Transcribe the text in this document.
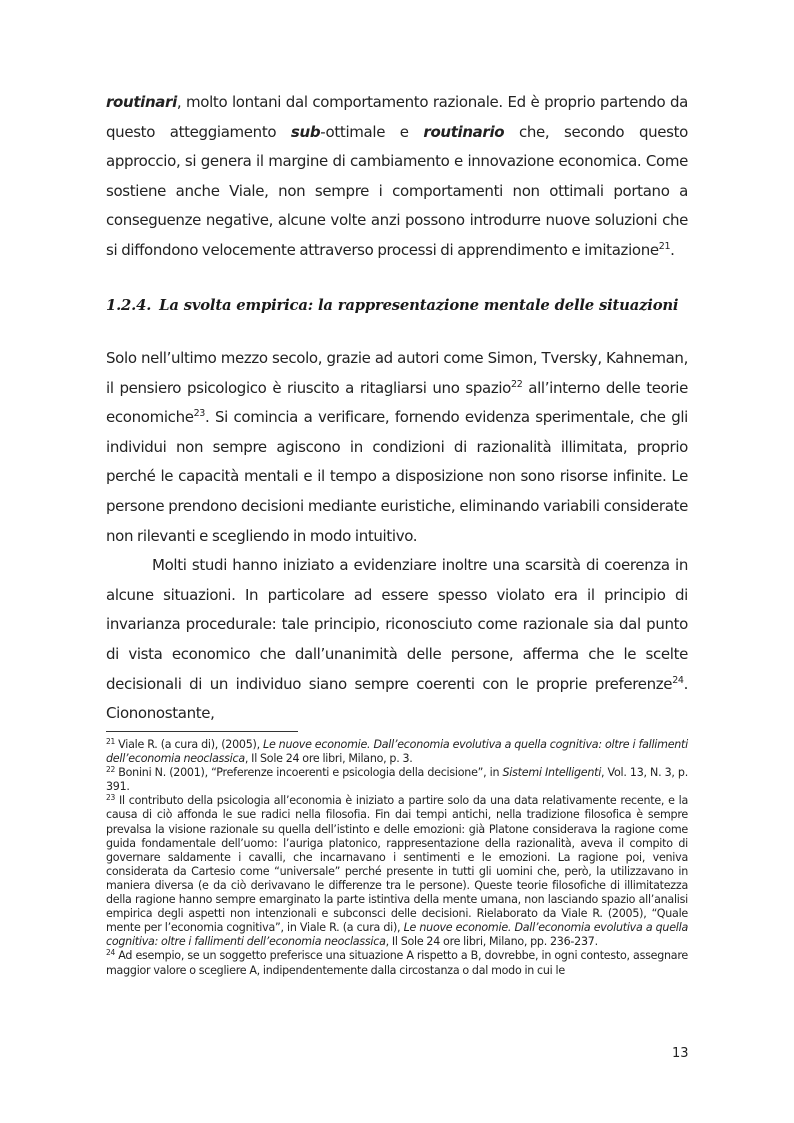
routinari, molto lontani dal comportamento razionale. Ed è proprio partendo da questo atteggiamento sub-ottimale e routinario che, secondo questo approccio, si genera il margine di cambiamento e innovazione economica. Come sostiene anche Viale, non sempre i comportamenti non ottimali portano a conseguenze negative, alcune volte anzi possono introdurre nuove soluzioni che si diffondono velocemente attraverso processi di apprendimento e imitazione$^{21}$.

1.2.4. La svolta empirica: la rappresentazione mentale delle situazioni

Solo nell’ultimo mezzo secolo, grazie ad autori come Simon, Tversky, Kahneman, il pensiero psicologico è riuscito a ritagliarsi uno spazio$^{22}$ all’interno delle teorie economiche$^{23}$. Si comincia a verificare, fornendo evidenza sperimentale, che gli individui non sempre agiscono in condizioni di razionalità illimitata, proprio perché le capacità mentali e il tempo a disposizione non sono risorse infinite. Le persone prendono decisioni mediante euristiche, eliminando variabili considerate non rilevanti e scegliendo in modo intuitivo.

Molti studi hanno iniziato a evidenziare inoltre una scarsità di coerenza in alcune situazioni. In particolare ad essere spesso violato era il principio di invarianza procedurale: tale principio, riconosciuto come razionale sia dal punto di vista economico che dall’unanimità delle persone, afferma che le scelte decisionali di un individuo siano sempre coerenti con le proprie preferenze$^{24}$. Ciononostante,

$^{21}$ Viale R. (a cura di), (2005), Le nuove economie. Dall’economia evolutiva a quella cognitiva: oltre i fallimenti dell’economia neoclassica, Il Sole 24 ore libri, Milano, p. 3.

$^{22}$ Bonini N. (2001), “Preferenze incoerenti e psicologia della decisione”, in Sistemi Intelligenti, Vol. 13, N. 3, p. 391.

$^{23}$ Il contributo della psicologia all’economia è iniziato a partire solo da una data relativamente recente, e la causa di ciò affonda le sue radici nella filosofia. Fin dai tempi antichi, nella tradizione filosofica è sempre prevalsa la visione razionale su quella dell’istinto e delle emozioni: già Platone considerava la ragione come guida fondamentale dell’uomo: l’auriga platonico, rappresentazione della razionalità, aveva il compito di governare saldamente i cavalli, che incarnavano i sentimenti e le emozioni. La ragione poi, veniva considerata da Cartesio come “universale” perché presente in tutti gli uomini che, però, la utilizzavano in maniera diversa (e da ciò derivavano le differenze tra le persone). Queste teorie filosofiche di illimitatezza della ragione hanno sempre emarginato la parte istintiva della mente umana, non lasciando spazio all’analisi empirica degli aspetti non intenzionali e subconsci delle decisioni. Rielaborato da Viale R. (2005), “Quale mente per l’economia cognitiva”, in Viale R. (a cura di), Le nuove economie. Dall’economia evolutiva a quella cognitiva: oltre i fallimenti dell’economia neoclassica, Il Sole 24 ore libri, Milano, pp. 236-237.

$^{24}$ Ad esempio, se un soggetto preferisce una situazione A rispetto a B, dovrebbe, in ogni contesto, assegnare maggior valore o scegliere A, indipendentemente dalla circostanza o dal modo in cui le

13
